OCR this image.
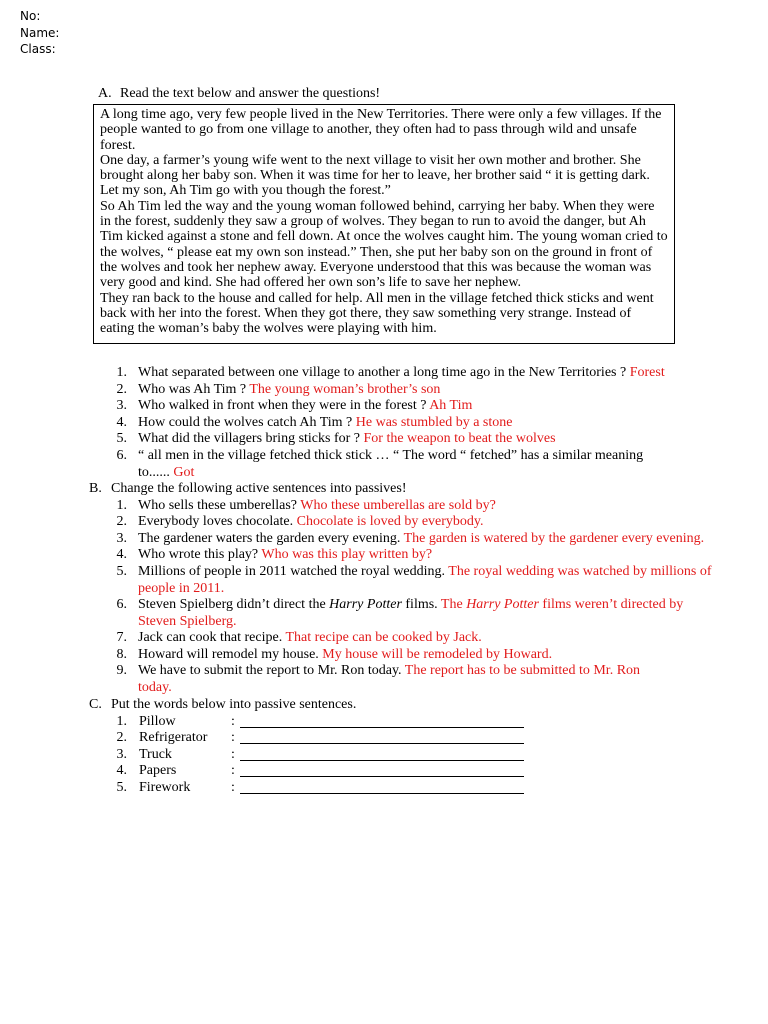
No:
Name:
Class:
A. Read the text below and answer the questions!

A long time ago, very few people lived in the New Territories. There were only a few villages. If the people wanted to go from one village to another, they often had to pass through wild and unsafe forest.

One day, a farmer’s young wife went to the next village to visit her own mother and brother. She brought along her baby son. When it was time for her to leave, her brother said “ it is getting dark. Let my son, Ah Tim go with you though the forest.”

So Ah Tim led the way and the young woman followed behind, carrying her baby. When they were in the forest, suddenly they saw a group of wolves. They began to run to avoid the danger, but Ah Tim kicked against a stone and fell down. At once the wolves caught him. The young woman cried to the wolves, “ please eat my own son instead.” Then, she put her baby son on the ground in front of the wolves and took her nephew away. Everyone understood that this was because the woman was very good and kind. She had offered her own son’s life to save her nephew.

They ran back to the house and called for help. All men in the village fetched thick sticks and went back with her into the forest. When they got there, they saw something very strange. Instead of eating the woman’s baby the wolves were playing with him.

1. What separated between one village to another a long time ago in the New Territories ? Forest
2. Who was Ah Tim ? The young woman’s brother’s son
3. Who walked in front when they were in the forest ? Ah Tim
4. How could the wolves catch Ah Tim ? He was stumbled by a stone
5. What did the villagers bring sticks for ? For the weapon to beat the wolves
6. “ all men in the village fetched thick stick … “ The word “ fetched” has a similar meaning to...... Got
B. Change the following active sentences into passives!
1. Who sells these umberellas? Who these umberellas are sold by?
2. Everybody loves chocolate. Chocolate is loved by everybody.
3. The gardener waters the garden every evening. The garden is watered by the gardener every evening.
4. Who wrote this play? Who was this play written by?
5. Millions of people in 2011 watched the royal wedding. The royal wedding was watched by millions of people in 2011.
6. Steven Spielberg didn’t direct the Harry Potter films. The Harry Potter films weren’t directed by Steven Spielberg.
7. Jack can cook that recipe. That recipe can be cooked by Jack.
8. Howard will remodel my house. My house will be remodeled by Howard.
9. We have to submit the report to Mr. Ron today. The report has to be submitted to Mr. Ron today.
C. Put the words below into passive sentences.
1. Pillow	:
2. Refrigerator :
3. Truck	:
4. Papers	:
5. Firework	:
